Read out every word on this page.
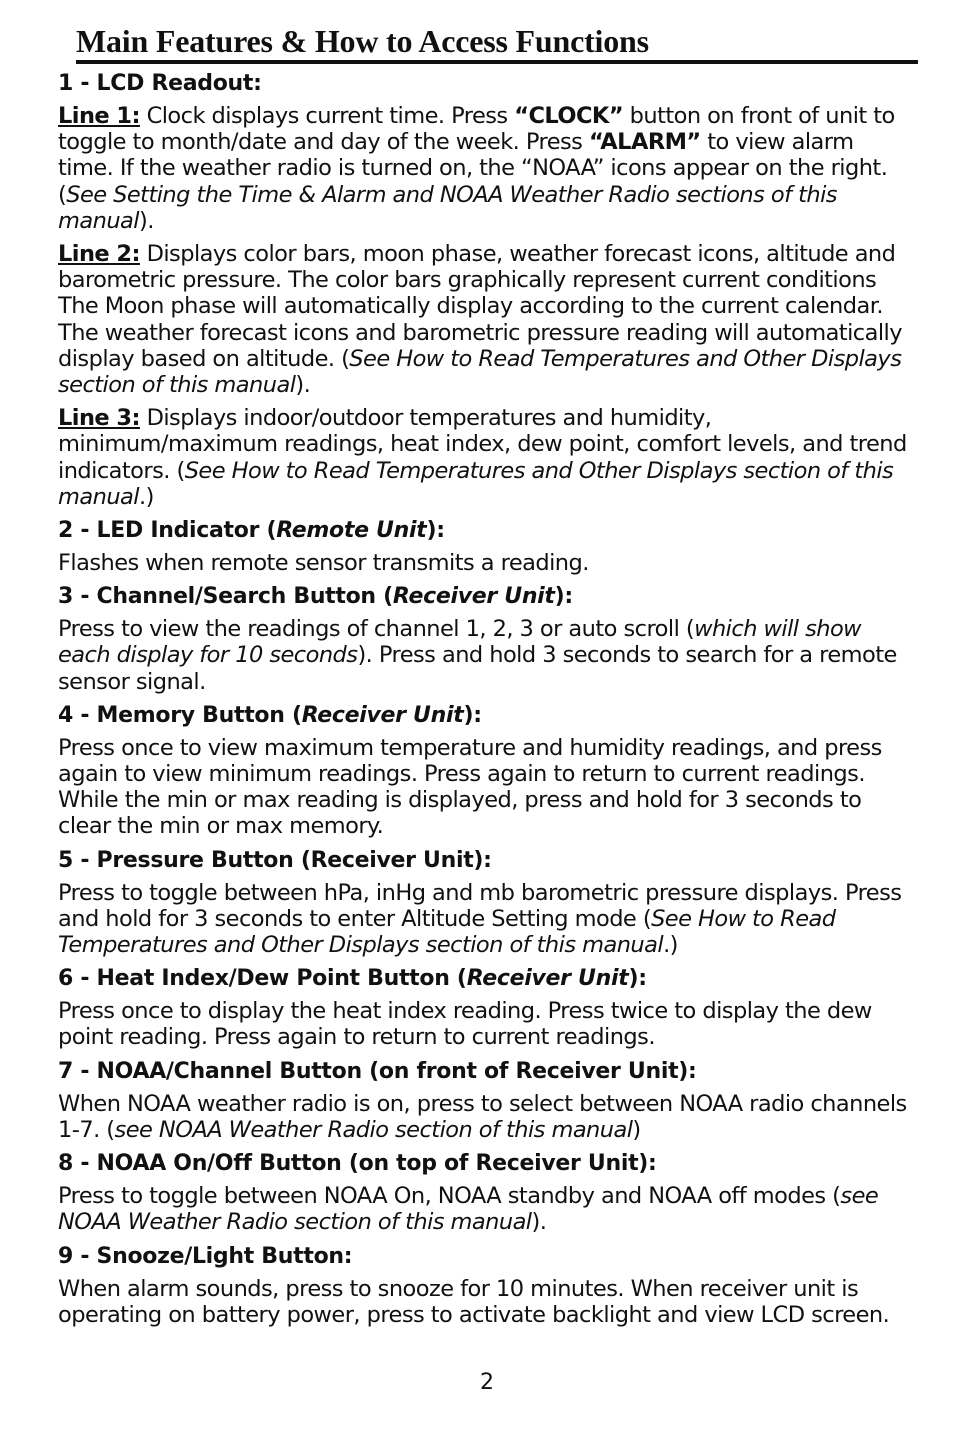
Main Features & How to Access Functions
1 - LCD Readout:

Line 1: Clock displays current time. Press “CLOCK” button on front of unit to toggle to month/date and day of the week. Press “ALARM” to view alarm time. If the weather radio is turned on, the “NOAA” icons appear on the right. (See Setting the Time & Alarm and NOAA Weather Radio sections of this manual).

Line 2: Displays color bars, moon phase, weather forecast icons, altitude and barometric pressure. The color bars graphically represent current conditions The Moon phase will automatically display according to the current calendar. The weather forecast icons and barometric pressure reading will automatically display based on altitude. (See How to Read Temperatures and Other Displays section of this manual).

Line 3: Displays indoor/outdoor temperatures and humidity, minimum/maximum readings, heat index, dew point, comfort levels, and trend indicators. (See How to Read Temperatures and Other Displays section of this manual.)

2 - LED Indicator (Remote Unit):

Flashes when remote sensor transmits a reading.

3 - Channel/Search Button (Receiver Unit):

Press to view the readings of channel 1, 2, 3 or auto scroll (which will show each display for 10 seconds). Press and hold 3 seconds to search for a remote sensor signal.

4 - Memory Button (Receiver Unit):

Press once to view maximum temperature and humidity readings, and press again to view minimum readings. Press again to return to current readings. While the min or max reading is displayed, press and hold for 3 seconds to clear the min or max memory.

5 - Pressure Button (Receiver Unit):

Press to toggle between hPa, inHg and mb barometric pressure displays. Press and hold for 3 seconds to enter Altitude Setting mode (See How to Read Temperatures and Other Displays section of this manual.)

6 - Heat Index/Dew Point Button (Receiver Unit):

Press once to display the heat index reading. Press twice to display the dew point reading. Press again to return to current readings.

7 - NOAA/Channel Button (on front of Receiver Unit):

When NOAA weather radio is on, press to select between NOAA radio channels 1-7. (see NOAA Weather Radio section of this manual)

8 - NOAA On/Off Button (on top of Receiver Unit):

Press to toggle between NOAA On, NOAA standby and NOAA off modes (see NOAA Weather Radio section of this manual).

9 - Snooze/Light Button:

When alarm sounds, press to snooze for 10 minutes. When receiver unit is operating on battery power, press to activate backlight and view LCD screen.

2
